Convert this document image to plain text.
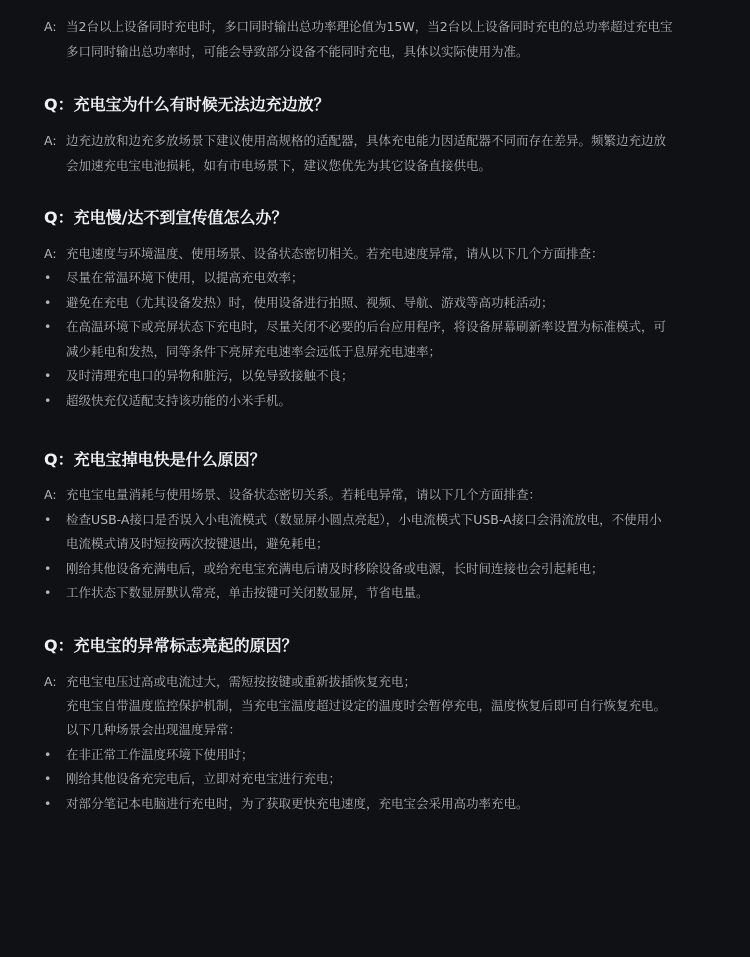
A: 当2台以上设备同时充电时，多口同时输出总功率理论值为15W，当2台以上设备同时充电的总功率超过充电宝

多口同时输出总功率时，可能会导致部分设备不能同时充电，具体以实际使用为准。

Q：充电宝为什么有时候无法边充边放？

A: 边充边放和边充多放场景下建议使用高规格的适配器，具体充电能力因适配器不同而存在差异。频繁边充边放

会加速充电宝电池损耗，如有市电场景下，建议您优先为其它设备直接供电。

Q：充电慢/达不到宣传值怎么办？

A: 充电速度与环境温度、使用场景、设备状态密切相关。若充电速度异常，请从以下几个方面排查：

• 尽量在常温环境下使用，以提高充电效率；

• 避免在充电（尤其设备发热）时，使用设备进行拍照、视频、导航、游戏等高功耗活动；

• 在高温环境下或亮屏状态下充电时，尽量关闭不必要的后台应用程序，将设备屏幕刷新率设置为标准模式，可

减少耗电和发热，同等条件下亮屏充电速率会远低于息屏充电速率；

• 及时清理充电口的异物和脏污，以免导致接触不良；

• 超级快充仅适配支持该功能的小米手机。

Q：充电宝掉电快是什么原因？

A: 充电宝电量消耗与使用场景、设备状态密切关系。若耗电异常，请以下几个方面排查：

• 检查USB-A接口是否误入小电流模式（数显屏小圆点亮起），小电流模式下USB-A接口会涓流放电，不使用小

电流模式请及时短按两次按键退出，避免耗电；

• 刚给其他设备充满电后，或给充电宝充满电后请及时移除设备或电源，长时间连接也会引起耗电；

• 工作状态下数显屏默认常亮，单击按键可关闭数显屏，节省电量。

Q：充电宝的异常标志亮起的原因？

A: 充电宝电压过高或电流过大，需短按按键或重新拔插恢复充电；

充电宝自带温度监控保护机制，当充电宝温度超过设定的温度时会暂停充电，温度恢复后即可自行恢复充电。

以下几种场景会出现温度异常：

• 在非正常工作温度环境下使用时；

• 刚给其他设备充完电后，立即对充电宝进行充电；

• 对部分笔记本电脑进行充电时，为了获取更快充电速度，充电宝会采用高功率充电。
